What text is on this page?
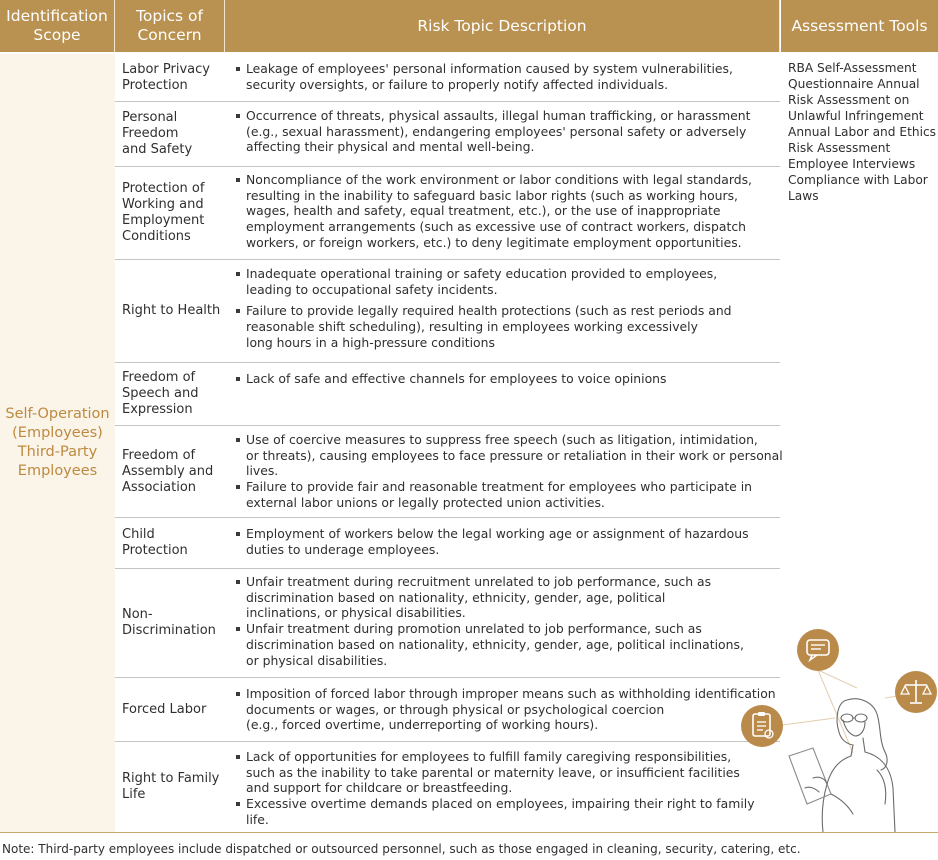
Identification
Scope
Topics of
Concern
Risk Topic Description	Assessment Tools
Self-Operation
(Employees)
Third-Party
Employees
Labor Privacy
Protection
Personal
Freedom
and Safety
Protection of
Working and
Employment
Conditions
Right to Health
Freedom of
Speech and
Expression
Freedom of
Assembly and
Association
Child
Protection
Non-
Discrimination
Forced Labor
Right to Family
Life
Leakage of employees' personal information caused by system vulnerabilities,
security oversights, or failure to properly notify affected individuals.
Occurrence of threats, physical assaults, illegal human trafficking, or harassment
(e.g., sexual harassment), endangering employees' personal safety or adversely
affecting their physical and mental well-being.
Noncompliance of the work environment or labor conditions with legal standards,
resulting in the inability to safeguard basic labor rights (such as working hours,
wages, health and safety, equal treatment, etc.), or the use of inappropriate
employment arrangements (such as excessive use of contract workers, dispatch
workers, or foreign workers, etc.) to deny legitimate employment opportunities.
Inadequate operational training or safety education provided to employees,
leading to occupational safety incidents.
Failure to provide legally required health protections (such as rest periods and
reasonable shift scheduling), resulting in employees working excessively
long hours in a high-pressure conditions
Lack of safe and effective channels for employees to voice opinions
Use of coercive measures to suppress free speech (such as litigation, intimidation,
or threats), causing employees to face pressure or retaliation in their work or personal
lives.
Failure to provide fair and reasonable treatment for employees who participate in
external labor unions or legally protected union activities.
Employment of workers below the legal working age or assignment of hazardous
duties to underage employees.
Unfair treatment during recruitment unrelated to job performance, such as
discrimination based on nationality, ethnicity, gender, age, political
inclinations, or physical disabilities.
Unfair treatment during promotion unrelated to job performance, such as
discrimination based on nationality, ethnicity, gender, age, political inclinations,
or physical disabilities.
Imposition of forced labor through improper means such as withholding identification
documents or wages, or through physical or psychological coercion
(e.g., forced overtime, underreporting of working hours).
Lack of opportunities for employees to fulfill family caregiving responsibilities,
such as the inability to take parental or maternity leave, or insufficient facilities
and support for childcare or breastfeeding.
Excessive overtime demands placed on employees, impairing their right to family
life.
RBA Self-Assessment
Questionnaire Annual
Risk Assessment on
Unlawful Infringement
Annual Labor and Ethics
Risk Assessment
Employee Interviews
Compliance with Labor
Laws
Note: Third-party employees include dispatched or outsourced personnel, such as those engaged in cleaning, security, catering, etc.
